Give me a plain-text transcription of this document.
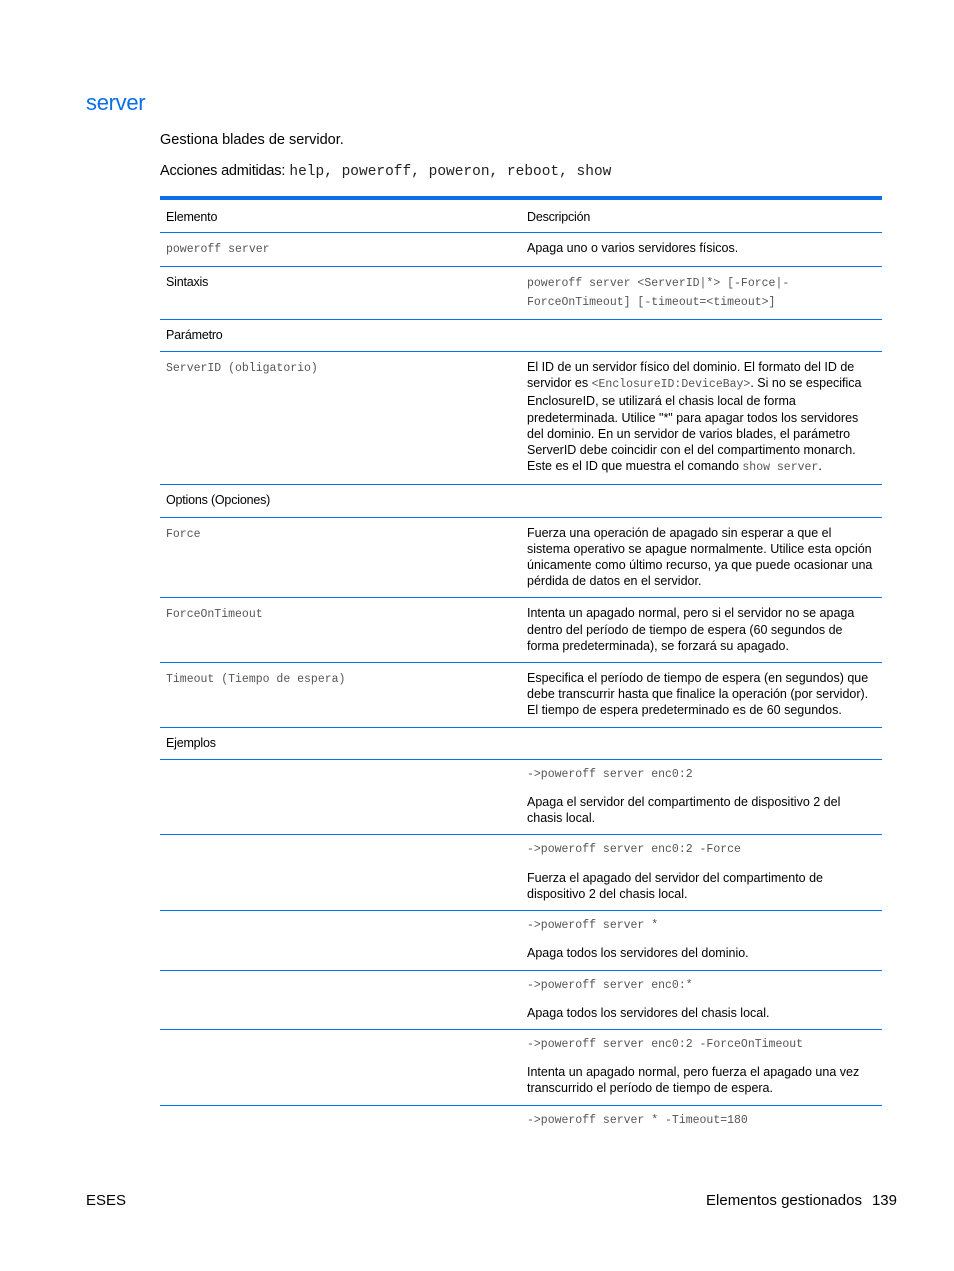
server
Gestiona blades de servidor.
Acciones admitidas: help, poweroff, poweron, reboot, show
Elemento	Descripción
poweroff server	Apaga uno o varios servidores físicos.
Sintaxis	poweroff server <ServerID|*> [-Force|-ForceOnTimeout] [-timeout=<timeout>]
Parámetro	
ServerID (obligatorio)	El ID de un servidor físico del dominio. El formato del ID de servidor es <EnclosureID:DeviceBay>. Si no se especifica EnclosureID, se utilizará el chasis local de forma predeterminada. Utilice "*" para apagar todos los servidores del dominio. En un servidor de varios blades, el parámetro ServerID debe coincidir con el del compartimento monarch. Este es el ID que muestra el comando show server.
Options (Opciones)	
Force	Fuerza una operación de apagado sin esperar a que el sistema operativo se apague normalmente. Utilice esta opción únicamente como último recurso, ya que puede ocasionar una pérdida de datos en el servidor.
ForceOnTimeout	Intenta un apagado normal, pero si el servidor no se apaga dentro del período de tiempo de espera (60 segundos de forma predeterminada), se forzará su apagado.
Timeout (Tiempo de espera)	Especifica el período de tiempo de espera (en segundos) que debe transcurrir hasta que finalice la operación (por servidor). El tiempo de espera predeterminado es de 60 segundos.
Ejemplos	

	->poweroff server enc0:2
Apaga el servidor del compartimento de dispositivo 2 del chasis local.

	->poweroff server enc0:2 -Force
Fuerza el apagado del servidor del compartimento de dispositivo 2 del chasis local.

	->poweroff server *
Apaga todos los servidores del dominio.

	->poweroff server enc0:*
Apaga todos los servidores del chasis local.

	->poweroff server enc0:2 -ForceOnTimeout
Intenta un apagado normal, pero fuerza el apagado una vez transcurrido el período de tiempo de espera.

	->poweroff server * -Timeout=180
ESES	Elementos gestionados 139
